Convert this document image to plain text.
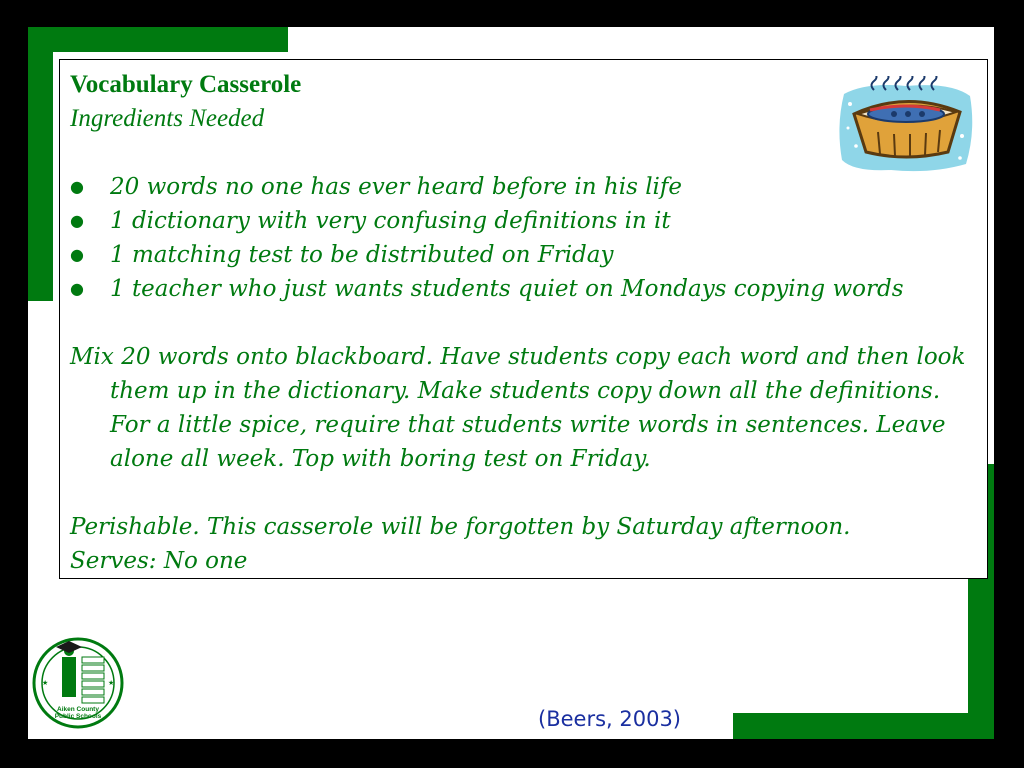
Vocabulary Casserole
Ingredients Needed
● 20 words no one has ever heard before in his life
● 1 dictionary with very confusing definitions in it
● 1 matching test to be distributed on Friday
● 1 teacher who just wants students quiet on Mondays copying words
Mix 20 words onto blackboard. Have students copy each word and then look them up in the dictionary. Make students copy down all the definitions. For a little spice, require that students write words in sentences. Leave alone all week. Top with boring test on Friday.
Perishable. This casserole will be forgotten by Saturday afternoon.
Serves: No one
Aiken County
Public Schools
★	★
(Beers, 2003)
